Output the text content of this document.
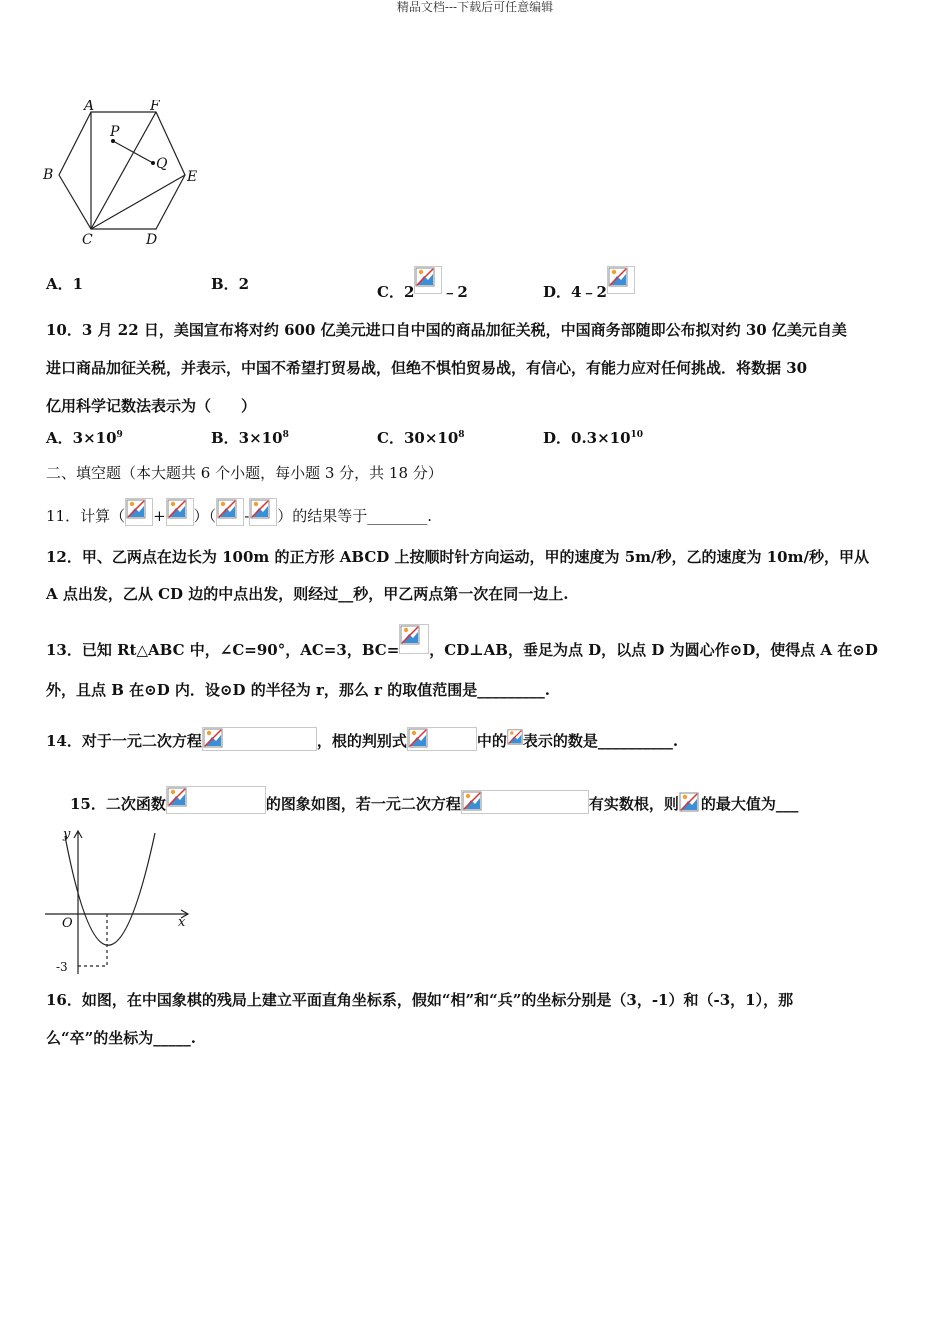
精品文档---下载后可任意编辑
A	F
B	E
C	D
P
Q
A．1	B．2	C．2 ﹣2	D．4﹣2
10．3 月 22 日，美国宣布将对约 600 亿美元进口自中国的商品加征关税，中国商务部随即公布拟对约 30 亿美元自美
进口商品加征关税，并表示，中国不希望打贸易战，但绝不惧怕贸易战，有信心，有能力应对任何挑战．将数据 30
亿用科学记数法表示为（　　）
A．$3\times 10^9$	B．$3\times 10^8$	C．$30\times 10^8$	D．$0.3\times 10^{10}$
二、填空题（本大题共 6 个小题，每小题 3 分，共 18 分）
11．计算（ + ）（ - ）的结果等于________.
12．甲、乙两点在边长为 100m 的正方形 ABCD 上按顺时针方向运动，甲的速度为 5m/秒，乙的速度为 10m/秒，甲从
A 点出发，乙从 CD 边的中点出发，则经过__秒，甲乙两点第一次在同一边上.
13．已知 Rt△ABC 中，∠C=90°，AC=3，BC= ，CD⊥AB，垂足为点 D，以点 D 为圆心作⊙D，使得点 A 在⊙D
外，且点 B 在⊙D 内．设⊙D 的半径为 r，那么 r 的取值范围是_________.
14．对于一元二次方程	，根的判别式	中的 表示的数是__________.
15．二次函数	的图象如图，若一元二次方程	有实数根，则 的最大值为___
y
x
O
-3
16．如图，在中国象棋的残局上建立平面直角坐标系，假如“相”和“兵”的坐标分别是（3，-1）和（-3，1），那
么“卒”的坐标为_____.
